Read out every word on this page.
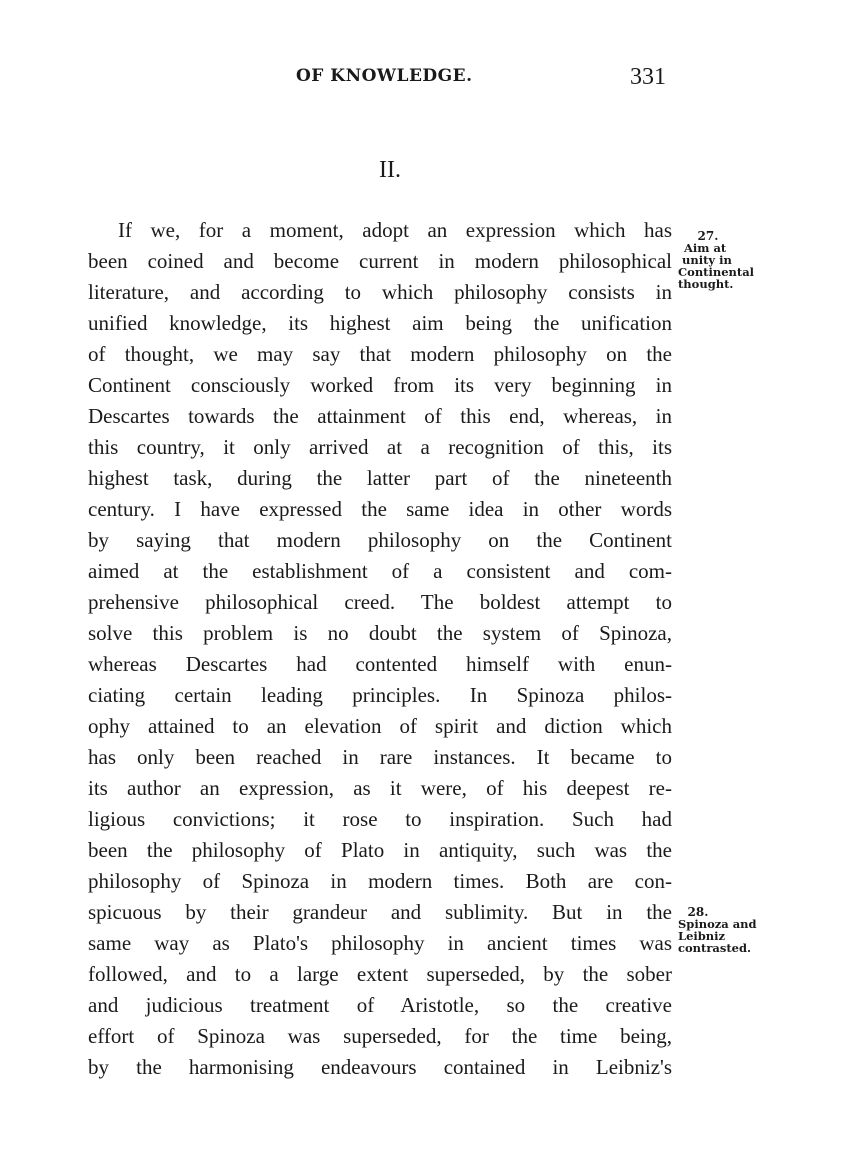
OF KNOWLEDGE.	331
II.
If we, for a moment, adopt an expression which has
been coined and become current in modern philosophical
literature, and according to which philosophy consists in
unified knowledge, its highest aim being the unification
of thought, we may say that modern philosophy on the
Continent consciously worked from its very beginning in
Descartes towards the attainment of this end, whereas, in
this country, it only arrived at a recognition of this, its
highest task, during the latter part of the nineteenth
century. I have expressed the same idea in other words
by saying that modern philosophy on the Continent
aimed at the establishment of a consistent and com-
prehensive philosophical creed. The boldest attempt to
solve this problem is no doubt the system of Spinoza,
whereas Descartes had contented himself with enun-
ciating certain leading principles. In Spinoza philos-
ophy attained to an elevation of spirit and diction which
has only been reached in rare instances. It became to
its author an expression, as it were, of his deepest re-
ligious convictions; it rose to inspiration. Such had
been the philosophy of Plato in antiquity, such was the
philosophy of Spinoza in modern times. Both are con-
spicuous by their grandeur and sublimity. But in the
same way as Plato's philosophy in ancient times was
followed, and to a large extent superseded, by the sober
and judicious treatment of Aristotle, so the creative
effort of Spinoza was superseded, for the time being,
by the harmonising endeavours contained in Leibniz's
27.
Aim at
unity in
Continental
thought.
28.
Spinoza and
Leibniz
contrasted.
